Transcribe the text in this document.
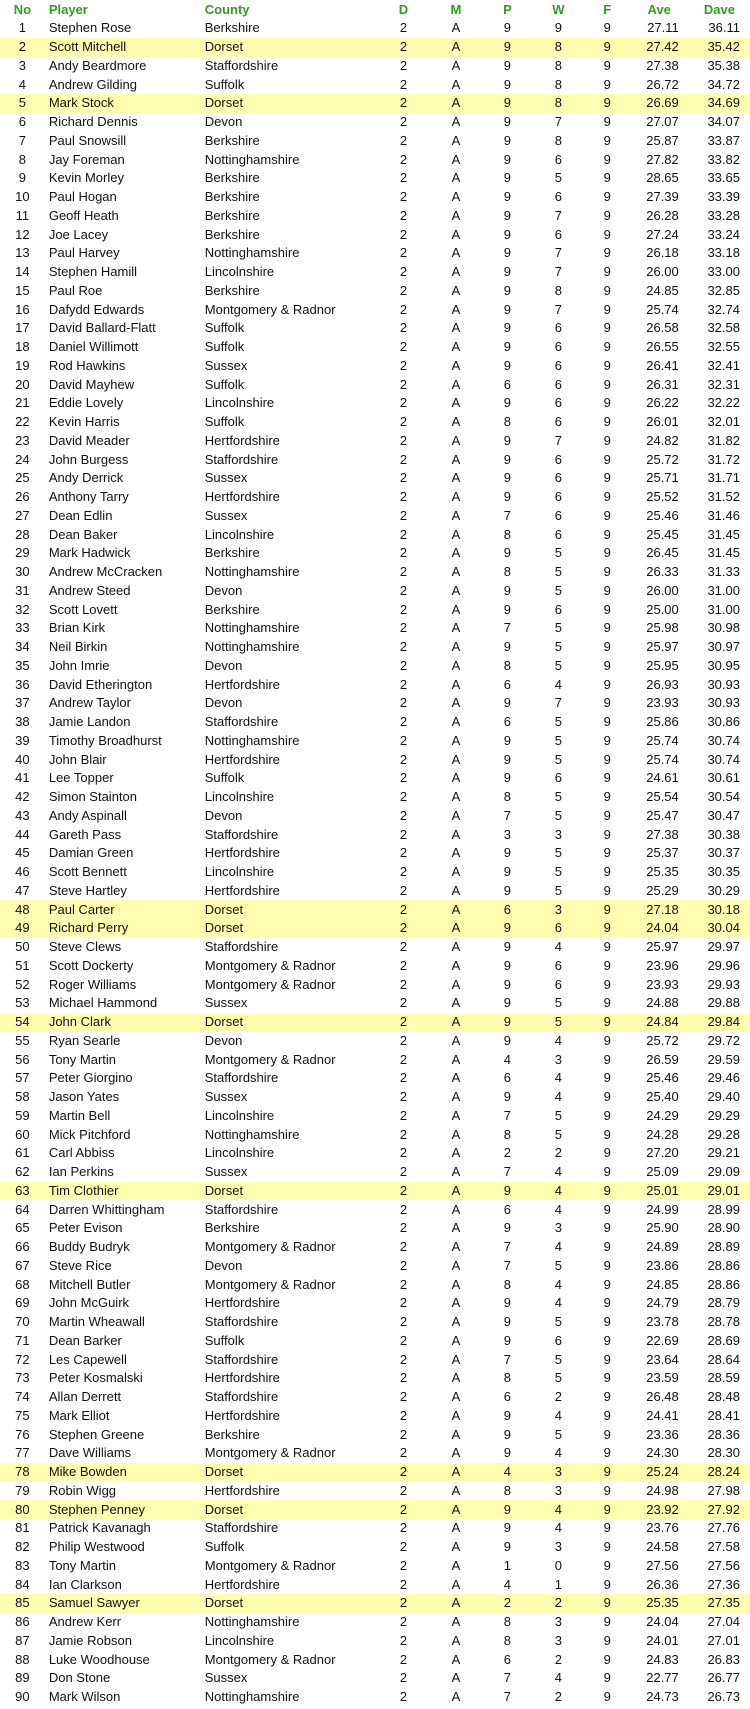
No	Player	County	D	M	P	W	F	Ave	Dave
1	Stephen Rose	Berkshire	2	A	9	9	9	27.11	36.11
2	Scott Mitchell	Dorset	2	A	9	8	9	27.42	35.42
3	Andy Beardmore	Staffordshire	2	A	9	8	9	27.38	35.38
4	Andrew Gilding	Suffolk	2	A	9	8	9	26.72	34.72
5	Mark Stock	Dorset	2	A	9	8	9	26.69	34.69
6	Richard Dennis	Devon	2	A	9	7	9	27.07	34.07
7	Paul Snowsill	Berkshire	2	A	9	8	9	25.87	33.87
8	Jay Foreman	Nottinghamshire	2	A	9	6	9	27.82	33.82
9	Kevin Morley	Berkshire	2	A	9	5	9	28.65	33.65
10	Paul Hogan	Berkshire	2	A	9	6	9	27.39	33.39
11	Geoff Heath	Berkshire	2	A	9	7	9	26.28	33.28
12	Joe Lacey	Berkshire	2	A	9	6	9	27.24	33.24
13	Paul Harvey	Nottinghamshire	2	A	9	7	9	26.18	33.18
14	Stephen Hamill	Lincolnshire	2	A	9	7	9	26.00	33.00
15	Paul Roe	Berkshire	2	A	9	8	9	24.85	32.85
16	Dafydd Edwards	Montgomery & Radnor	2	A	9	7	9	25.74	32.74
17	David Ballard-Flatt	Suffolk	2	A	9	6	9	26.58	32.58
18	Daniel Willimott	Suffolk	2	A	9	6	9	26.55	32.55
19	Rod Hawkins	Sussex	2	A	9	6	9	26.41	32.41
20	David Mayhew	Suffolk	2	A	6	6	9	26.31	32.31
21	Eddie Lovely	Lincolnshire	2	A	9	6	9	26.22	32.22
22	Kevin Harris	Suffolk	2	A	8	6	9	26.01	32.01
23	David Meader	Hertfordshire	2	A	9	7	9	24.82	31.82
24	John Burgess	Staffordshire	2	A	9	6	9	25.72	31.72
25	Andy Derrick	Sussex	2	A	9	6	9	25.71	31.71
26	Anthony Tarry	Hertfordshire	2	A	9	6	9	25.52	31.52
27	Dean Edlin	Sussex	2	A	7	6	9	25.46	31.46
28	Dean Baker	Lincolnshire	2	A	8	6	9	25.45	31.45
29	Mark Hadwick	Berkshire	2	A	9	5	9	26.45	31.45
30	Andrew McCracken	Nottinghamshire	2	A	8	5	9	26.33	31.33
31	Andrew Steed	Devon	2	A	9	5	9	26.00	31.00
32	Scott Lovett	Berkshire	2	A	9	6	9	25.00	31.00
33	Brian Kirk	Nottinghamshire	2	A	7	5	9	25.98	30.98
34	Neil Birkin	Nottinghamshire	2	A	9	5	9	25.97	30.97
35	John Imrie	Devon	2	A	8	5	9	25.95	30.95
36	David Etherington	Hertfordshire	2	A	6	4	9	26.93	30.93
37	Andrew Taylor	Devon	2	A	9	7	9	23.93	30.93
38	Jamie Landon	Staffordshire	2	A	6	5	9	25.86	30.86
39	Timothy Broadhurst	Nottinghamshire	2	A	9	5	9	25.74	30.74
40	John Blair	Hertfordshire	2	A	9	5	9	25.74	30.74
41	Lee Topper	Suffolk	2	A	9	6	9	24.61	30.61
42	Simon Stainton	Lincolnshire	2	A	8	5	9	25.54	30.54
43	Andy Aspinall	Devon	2	A	7	5	9	25.47	30.47
44	Gareth Pass	Staffordshire	2	A	3	3	9	27.38	30.38
45	Damian Green	Hertfordshire	2	A	9	5	9	25.37	30.37
46	Scott Bennett	Lincolnshire	2	A	9	5	9	25.35	30.35
47	Steve Hartley	Hertfordshire	2	A	9	5	9	25.29	30.29
48	Paul Carter	Dorset	2	A	6	3	9	27.18	30.18
49	Richard Perry	Dorset	2	A	9	6	9	24.04	30.04
50	Steve Clews	Staffordshire	2	A	9	4	9	25.97	29.97
51	Scott Dockerty	Montgomery & Radnor	2	A	9	6	9	23.96	29.96
52	Roger Williams	Montgomery & Radnor	2	A	9	6	9	23.93	29.93
53	Michael Hammond	Sussex	2	A	9	5	9	24.88	29.88
54	John Clark	Dorset	2	A	9	5	9	24.84	29.84
55	Ryan Searle	Devon	2	A	9	4	9	25.72	29.72
56	Tony Martin	Montgomery & Radnor	2	A	4	3	9	26.59	29.59
57	Peter Giorgino	Staffordshire	2	A	6	4	9	25.46	29.46
58	Jason Yates	Sussex	2	A	9	4	9	25.40	29.40
59	Martin Bell	Lincolnshire	2	A	7	5	9	24.29	29.29
60	Mick Pitchford	Nottinghamshire	2	A	8	5	9	24.28	29.28
61	Carl Abbiss	Lincolnshire	2	A	2	2	9	27.20	29.21
62	Ian Perkins	Sussex	2	A	7	4	9	25.09	29.09
63	Tim Clothier	Dorset	2	A	9	4	9	25.01	29.01
64	Darren Whittingham	Staffordshire	2	A	6	4	9	24.99	28.99
65	Peter Evison	Berkshire	2	A	9	3	9	25.90	28.90
66	Buddy Budryk	Montgomery & Radnor	2	A	7	4	9	24.89	28.89
67	Steve Rice	Devon	2	A	7	5	9	23.86	28.86
68	Mitchell Butler	Montgomery & Radnor	2	A	8	4	9	24.85	28.86
69	John McGuirk	Hertfordshire	2	A	9	4	9	24.79	28.79
70	Martin Wheawall	Staffordshire	2	A	9	5	9	23.78	28.78
71	Dean Barker	Suffolk	2	A	9	6	9	22.69	28.69
72	Les Capewell	Staffordshire	2	A	7	5	9	23.64	28.64
73	Peter Kosmalski	Hertfordshire	2	A	8	5	9	23.59	28.59
74	Allan Derrett	Staffordshire	2	A	6	2	9	26.48	28.48
75	Mark Elliot	Hertfordshire	2	A	9	4	9	24.41	28.41
76	Stephen Greene	Berkshire	2	A	9	5	9	23.36	28.36
77	Dave Williams	Montgomery & Radnor	2	A	9	4	9	24.30	28.30
78	Mike Bowden	Dorset	2	A	4	3	9	25.24	28.24
79	Robin Wigg	Hertfordshire	2	A	8	3	9	24.98	27.98
80	Stephen Penney	Dorset	2	A	9	4	9	23.92	27.92
81	Patrick Kavanagh	Staffordshire	2	A	9	4	9	23.76	27.76
82	Philip Westwood	Suffolk	2	A	9	3	9	24.58	27.58
83	Tony Martin	Montgomery & Radnor	2	A	1	0	9	27.56	27.56
84	Ian Clarkson	Hertfordshire	2	A	4	1	9	26.36	27.36
85	Samuel Sawyer	Dorset	2	A	2	2	9	25.35	27.35
86	Andrew Kerr	Nottinghamshire	2	A	8	3	9	24.04	27.04
87	Jamie Robson	Lincolnshire	2	A	8	3	9	24.01	27.01
88	Luke Woodhouse	Montgomery & Radnor	2	A	6	2	9	24.83	26.83
89	Don Stone	Sussex	2	A	7	4	9	22.77	26.77
90	Mark Wilson	Nottinghamshire	2	A	7	2	9	24.73	26.73
